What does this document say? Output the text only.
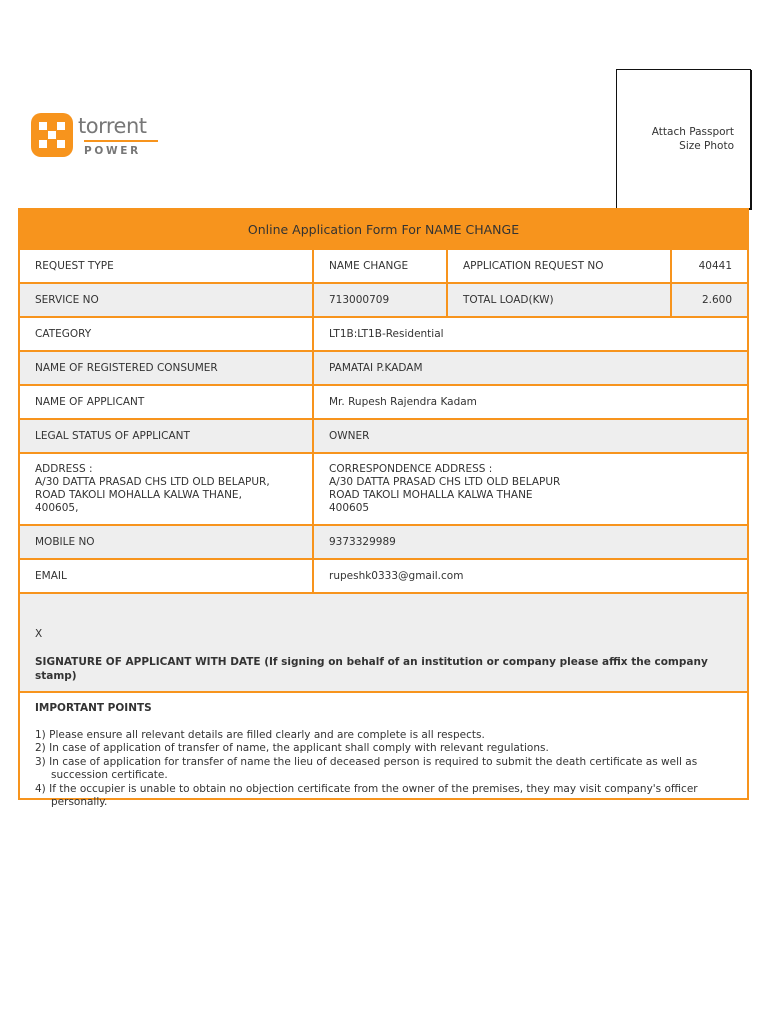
torrent
POWER
Attach Passport
Size Photo
Online Application Form For NAME CHANGE
REQUEST TYPE	NAME CHANGE	APPLICATION REQUEST NO	40441
SERVICE NO	713000709	TOTAL LOAD(KW)	2.600
CATEGORY	LT1B:LT1B-Residential
NAME OF REGISTERED CONSUMER	PAMATAI P.KADAM
NAME OF APPLICANT	Mr. Rupesh Rajendra Kadam
LEGAL STATUS OF APPLICANT	OWNER
ADDRESS :
A/30 DATTA PRASAD CHS LTD OLD BELAPUR,
ROAD TAKOLI MOHALLA KALWA THANE,
400605,
CORRESPONDENCE ADDRESS :
A/30 DATTA PRASAD CHS LTD OLD BELAPUR
ROAD TAKOLI MOHALLA KALWA THANE
400605
MOBILE NO	9373329989
EMAIL	rupeshk0333@gmail.com
X
SIGNATURE OF APPLICANT WITH DATE (If signing on behalf of an institution or company please affix the company stamp)
IMPORTANT POINTS
1) Please ensure all relevant details are filled clearly and are complete is all respects.
2) In case of application of transfer of name, the applicant shall comply with relevant regulations.
3) In case of application for transfer of name the lieu of deceased person is required to submit the death certificate as well as succession certificate.
4) If the occupier is unable to obtain no objection certificate from the owner of the premises, they may visit company's officer personally.
